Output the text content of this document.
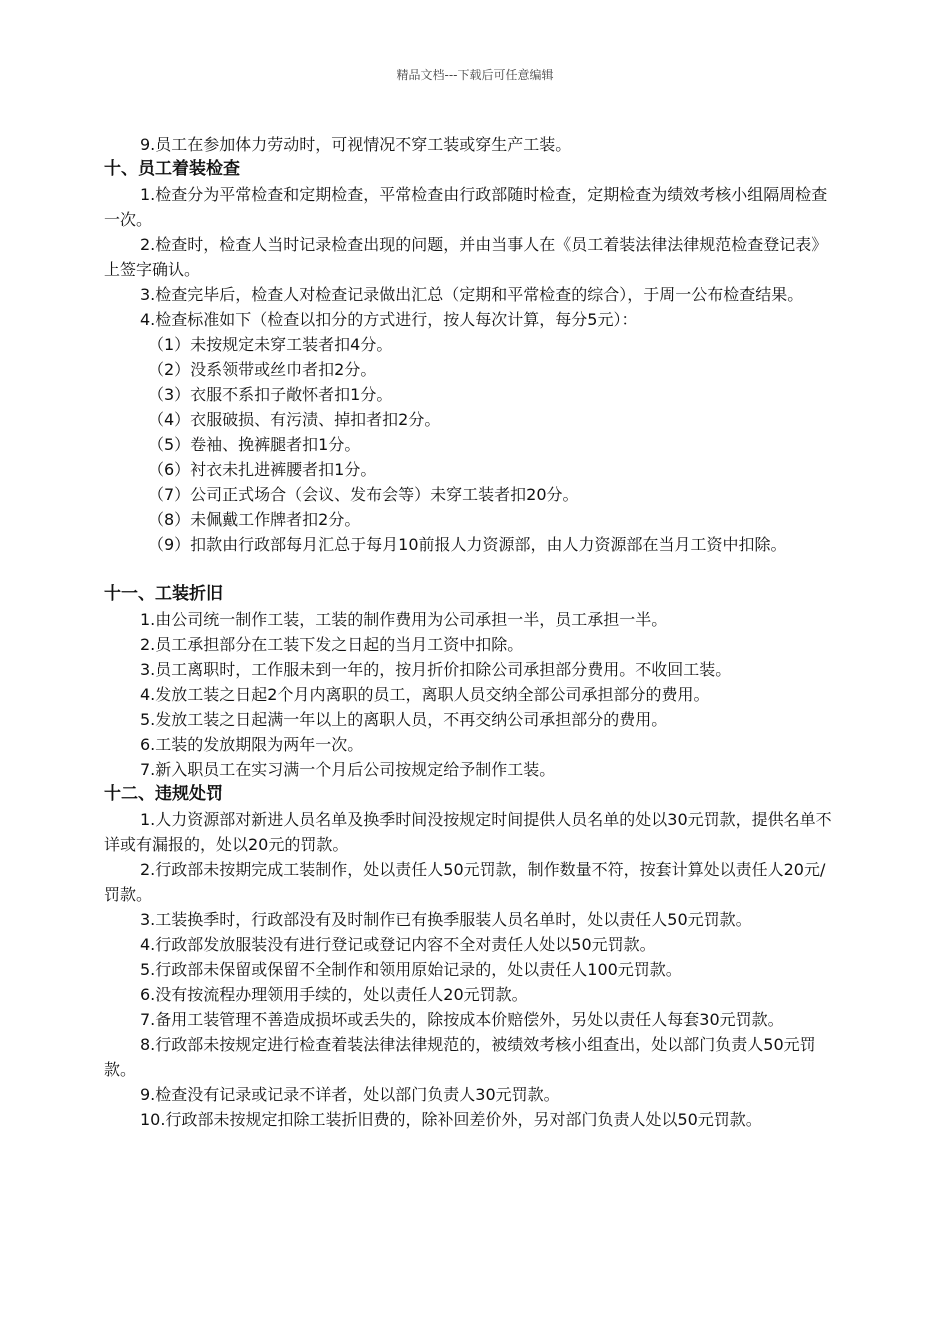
精品文档---下载后可任意编辑

9.员工在参加体力劳动时，可视情况不穿工装或穿生产工装。

十、员工着装检查

1.检查分为平常检查和定期检查，平常检查由行政部随时检查，定期检查为绩效考核小组隔周检查一次。

2.检查时，检查人当时记录检查出现的问题，并由当事人在《员工着装法律法律规范检查登记表》上签字确认。

3.检查完毕后，检查人对检查记录做出汇总（定期和平常检查的综合），于周一公布检查结果。

4.检查标准如下（检查以扣分的方式进行，按人每次计算，每分5元）：

（1）未按规定未穿工装者扣4分。

（2）没系领带或丝巾者扣2分。

（3）衣服不系扣子敞怀者扣1分。

（4）衣服破损、有污渍、掉扣者扣2分。

（5）卷袖、挽裤腿者扣1分。

（6）衬衣未扎进裤腰者扣1分。

（7）公司正式场合（会议、发布会等）未穿工装者扣20分。

（8）未佩戴工作牌者扣2分。

（9）扣款由行政部每月汇总于每月10前报人力资源部，由人力资源部在当月工资中扣除。

十一、工装折旧

1.由公司统一制作工装，工装的制作费用为公司承担一半，员工承担一半。

2.员工承担部分在工装下发之日起的当月工资中扣除。

3.员工离职时，工作服未到一年的，按月折价扣除公司承担部分费用。不收回工装。

4.发放工装之日起2个月内离职的员工，离职人员交纳全部公司承担部分的费用。

5.发放工装之日起满一年以上的离职人员，不再交纳公司承担部分的费用。

6.工装的发放期限为两年一次。

7.新入职员工在实习满一个月后公司按规定给予制作工装。

十二、违规处罚

1.人力资源部对新进人员名单及换季时间没按规定时间提供人员名单的处以30元罚款，提供名单不详或有漏报的，处以20元的罚款。

2.行政部未按期完成工装制作，处以责任人50元罚款，制作数量不符，按套计算处以责任人20元/罚款。

3.工装换季时，行政部没有及时制作已有换季服装人员名单时，处以责任人50元罚款。

4.行政部发放服装没有进行登记或登记内容不全对责任人处以50元罚款。

5.行政部未保留或保留不全制作和领用原始记录的，处以责任人100元罚款。

6.没有按流程办理领用手续的，处以责任人20元罚款。

7.备用工装管理不善造成损坏或丢失的，除按成本价赔偿外，另处以责任人每套30元罚款。

8.行政部未按规定进行检查着装法律法律规范的，被绩效考核小组查出，处以部门负责人50元罚款。

9.检查没有记录或记录不详者，处以部门负责人30元罚款。

10.行政部未按规定扣除工装折旧费的，除补回差价外，另对部门负责人处以50元罚款。
